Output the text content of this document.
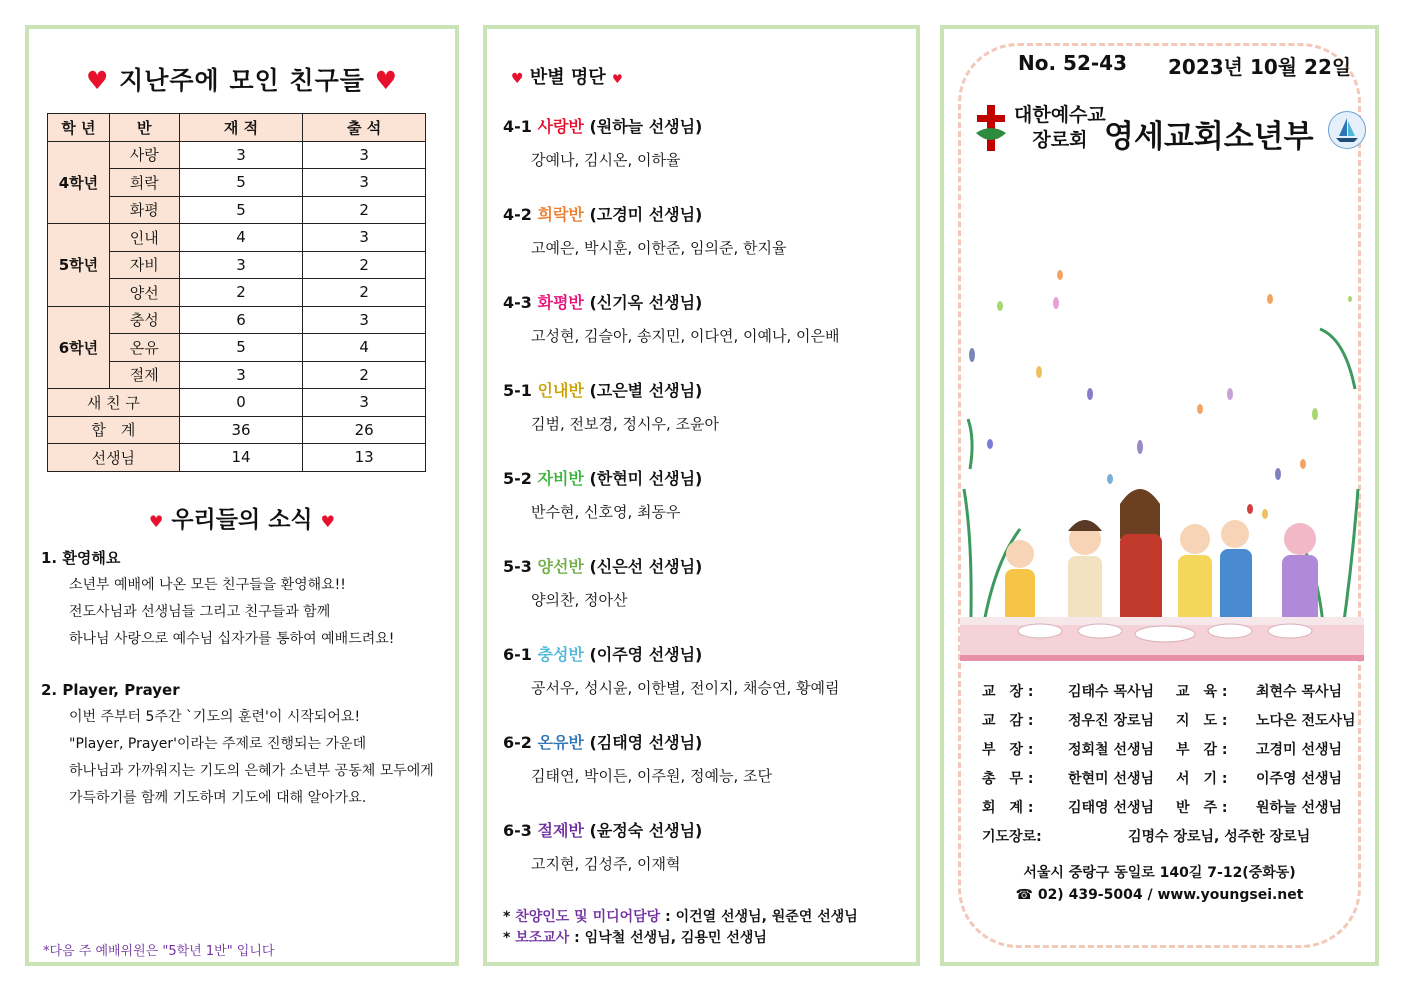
♥ 지난주에 모인 친구들 ♥
학 년	반	재 적	출 석
4학년	사랑	3	3
	희락	5	3
	화평	5	2
5학년	인내	4	3
	자비	3	2
	양선	2	2
6학년	충성	6	3
	온유	5	4
	절제	3	2
새 친 구		0	3
합　계		36	26
선생님		14	13
♥ 우리들의 소식 ♥
1. 환영해요
소년부 예배에 나온 모든 친구들을 환영해요!!
전도사님과 선생님들 그리고 친구들과 함께
하나님 사랑으로 예수님 십자가를 통하여 예배드려요!
2. Player, Prayer
이번 주부터 5주간 `기도의 훈련'이 시작되어요!
"Player, Prayer'이라는 주제로 진행되는 가운데
하나님과 가까워지는 기도의 은혜가 소년부 공동체 모두에게
가득하기를 함께 기도하며 기도에 대해 알아가요.
*다음 주 예배위원은 "5학년 1반" 입니다
♥ 반별 명단 ♥
4-1 사랑반 (원하늘 선생님)
강예나, 김시온, 이하율
4-2 희락반 (고경미 선생님)
고예은, 박시훈, 이한준, 임의준, 한지율
4-3 화평반 (신기옥 선생님)
고성현, 김슬아, 송지민, 이다연, 이예나, 이은배
5-1 인내반 (고은별 선생님)
김범, 전보경, 정시우, 조윤아
5-2 자비반 (한현미 선생님)
반수현, 신호영, 최동우
5-3 양선반 (신은선 선생님)
양의찬, 정아산
6-1 충성반 (이주영 선생님)
공서우, 성시윤, 이한별, 전이지, 채승연, 황예림
6-2 온유반 (김태영 선생님)
김태연, 박이든, 이주원, 정예능, 조단
6-3 절제반 (윤정숙 선생님)
고지현, 김성주, 이재혁
* 찬양인도 및 미디어담당 : 이건열 선생님, 원준연 선생님
* 보조교사 : 임낙철 선생님, 김용민 선생님
No. 52-43 2023년 10월 22일
대한예수교
장로회 영세교회소년부
교　장 : 김태수 목사님 교　육 : 최현수 목사님
교　감 : 정우진 장로님 지　도 : 노다은 전도사님
부　장 : 정회철 선생님 부　감 : 고경미 선생님
총　무 : 한현미 선생님 서　기 : 이주영 선생님
회　계 : 김태영 선생님 반　주 : 원하늘 선생님
기도장로:	김명수 장로님, 성주한 장로님
서울시 중랑구 동일로 140길 7-12(중화동)
☎ 02) 439-5004 / www.youngsei.net
